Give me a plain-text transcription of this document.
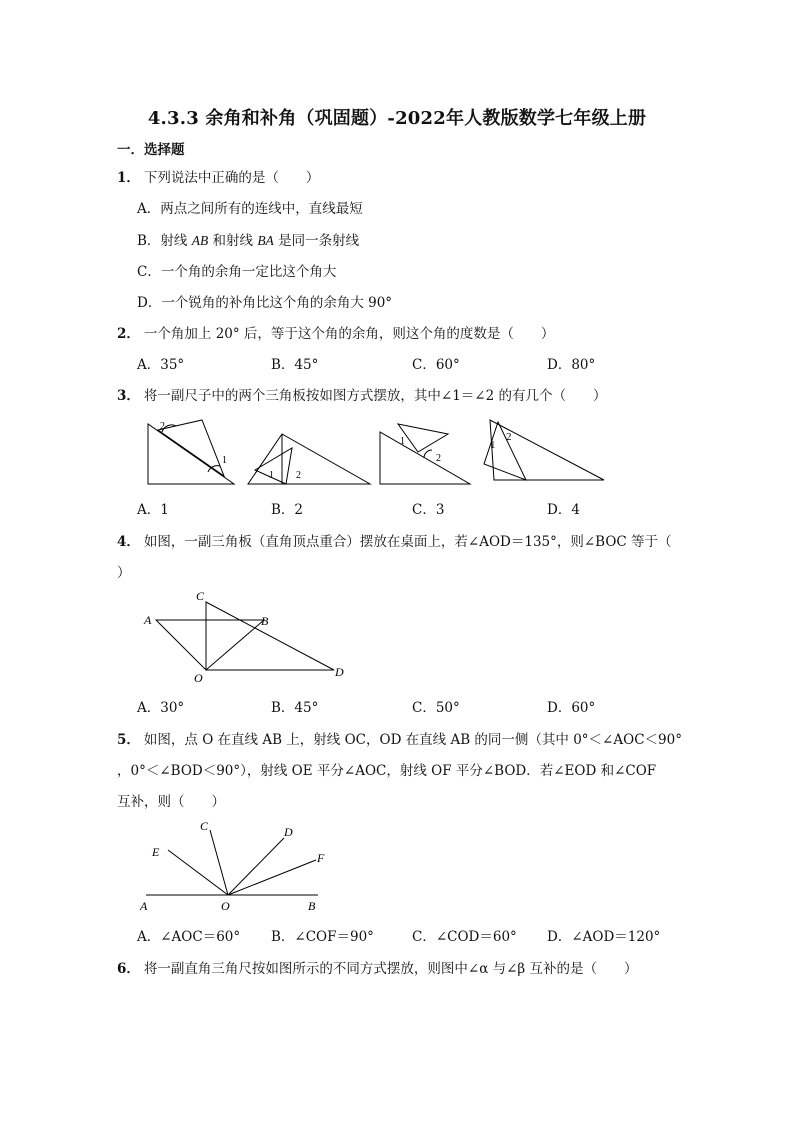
4.3.3 余角和补角（巩固题）-2022年人教版数学七年级上册
一．选择题
1． 下列说法中正确的是（　　）
A．两点之间所有的连线中，直线最短
B．射线 AB 和射线 BA 是同一条射线
C．一个角的余角一定比这个角大
D．一个锐角的补角比这个角的余角大 90°
2． 一个角加上 20° 后，等于这个角的余角，则这个角的度数是（　　）
A．35°	B．45°	C．60°	D．80°
3． 将一副尺子中的两个三角板按如图方式摆放，其中∠1＝∠2 的有几个（　　）
2
1
1 2
1
2
1
2
A．1	B．2	C．3	D．4
4． 如图，一副三角板（直角顶点重合）摆放在桌面上，若∠AOD＝135°，则∠BOC 等于（
）
C
A	B
O	D
A．30°	B．45°	C．50°	D．60°
5． 如图，点 O 在直线 AB 上，射线 OC，OD 在直线 AB 的同一侧（其中 0°＜∠AOC＜90°
，0°＜∠BOD＜90°），射线 OE 平分∠AOC，射线 OF 平分∠BOD．若∠EOD 和∠COF
互补，则（　　）
A	O	B
E
C	D
F
A．∠AOC＝60° B．∠COF＝90°	C．∠COD＝60° D．∠AOD＝120°
6． 将一副直角三角尺按如图所示的不同方式摆放，则图中∠α 与∠β 互补的是（　　）
